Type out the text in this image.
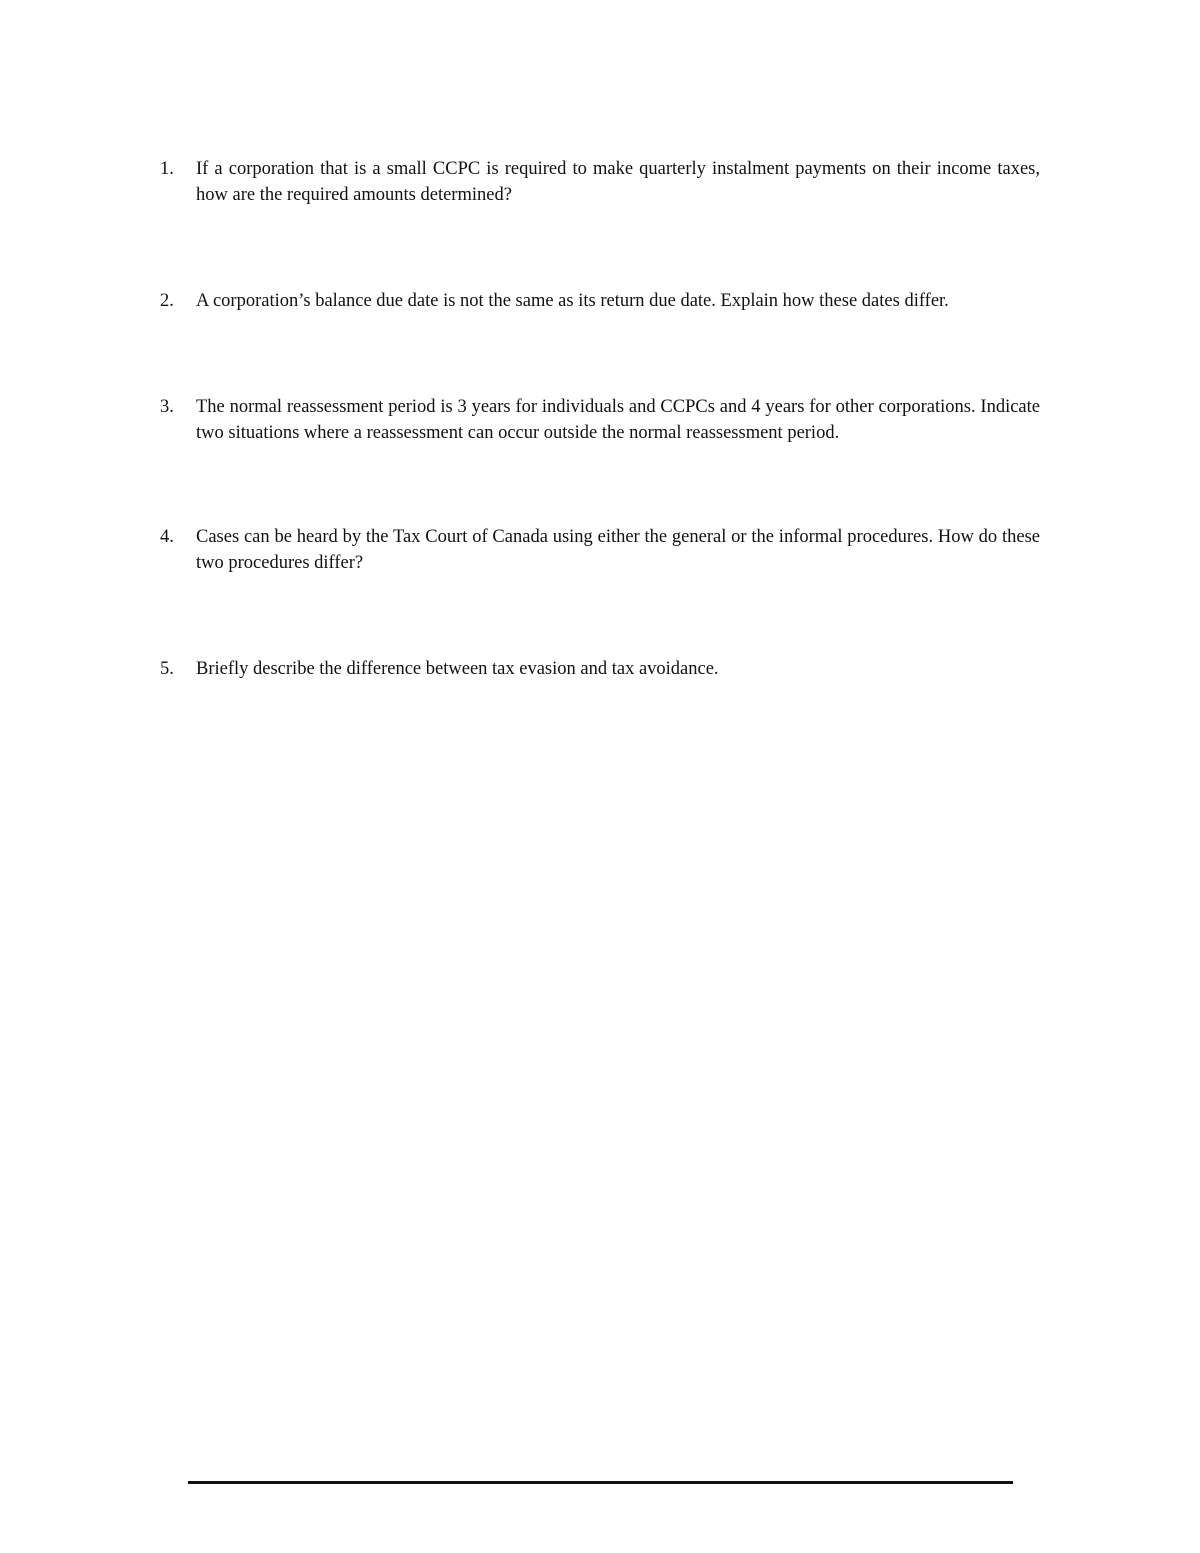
1.	If a corporation that is a small CCPC is required to make quarterly instalment payments on their income taxes, how are the required amounts determined?
2.	A corporation’s balance due date is not the same as its return due date. Explain how these dates differ.
3.	The normal reassessment period is 3 years for individuals and CCPCs and 4 years for other corporations. Indicate two situations where a reassessment can occur outside the normal reassessment period.
4.	Cases can be heard by the Tax Court of Canada using either the general or the informal procedures. How do these two procedures differ?
5.	Briefly describe the difference between tax evasion and tax avoidance.
